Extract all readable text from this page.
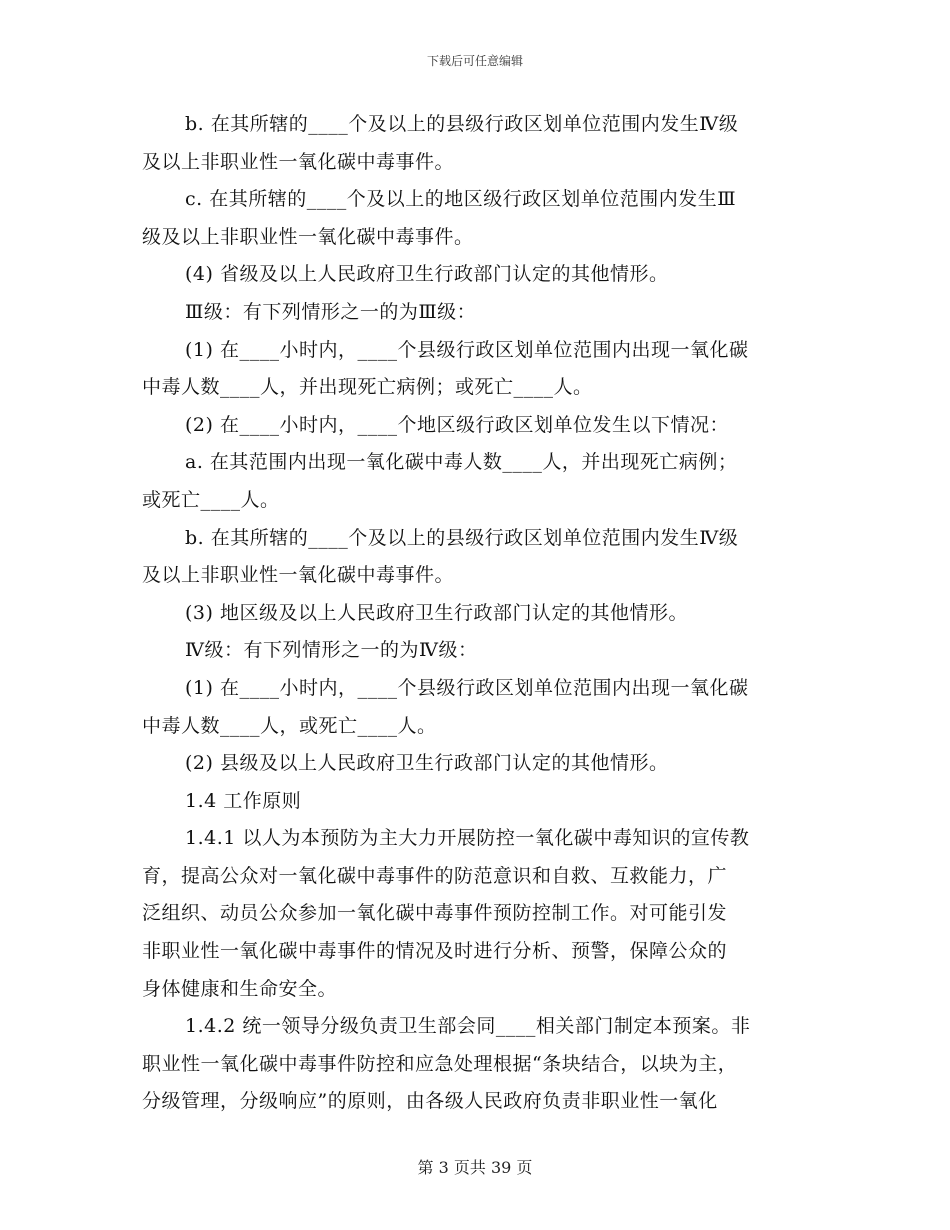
下载后可任意编辑
b. 在其所辖的____个及以上的县级行政区划单位范围内发生Ⅳ级
及以上非职业性一氧化碳中毒事件。
c. 在其所辖的____个及以上的地区级行政区划单位范围内发生Ⅲ
级及以上非职业性一氧化碳中毒事件。
(4) 省级及以上人民政府卫生行政部门认定的其他情形。
Ⅲ级：有下列情形之一的为Ⅲ级：
(1) 在____小时内，____个县级行政区划单位范围内出现一氧化碳
中毒人数____人，并出现死亡病例；或死亡____人。
(2) 在____小时内，____个地区级行政区划单位发生以下情况：
a. 在其范围内出现一氧化碳中毒人数____人，并出现死亡病例；
或死亡____人。
b. 在其所辖的____个及以上的县级行政区划单位范围内发生Ⅳ级
及以上非职业性一氧化碳中毒事件。
(3) 地区级及以上人民政府卫生行政部门认定的其他情形。
Ⅳ级：有下列情形之一的为Ⅳ级：
(1) 在____小时内，____个县级行政区划单位范围内出现一氧化碳
中毒人数____人，或死亡____人。
(2) 县级及以上人民政府卫生行政部门认定的其他情形。
1.4 工作原则
1.4.1 以人为本预防为主大力开展防控一氧化碳中毒知识的宣传教
育，提高公众对一氧化碳中毒事件的防范意识和自救、互救能力，广
泛组织、动员公众参加一氧化碳中毒事件预防控制工作。对可能引发
非职业性一氧化碳中毒事件的情况及时进行分析、预警，保障公众的
身体健康和生命安全。
1.4.2 统一领导分级负责卫生部会同____相关部门制定本预案。非
职业性一氧化碳中毒事件防控和应急处理根据“条块结合，以块为主，
分级管理，分级响应”的原则，由各级人民政府负责非职业性一氧化
第 3 页共 39 页
